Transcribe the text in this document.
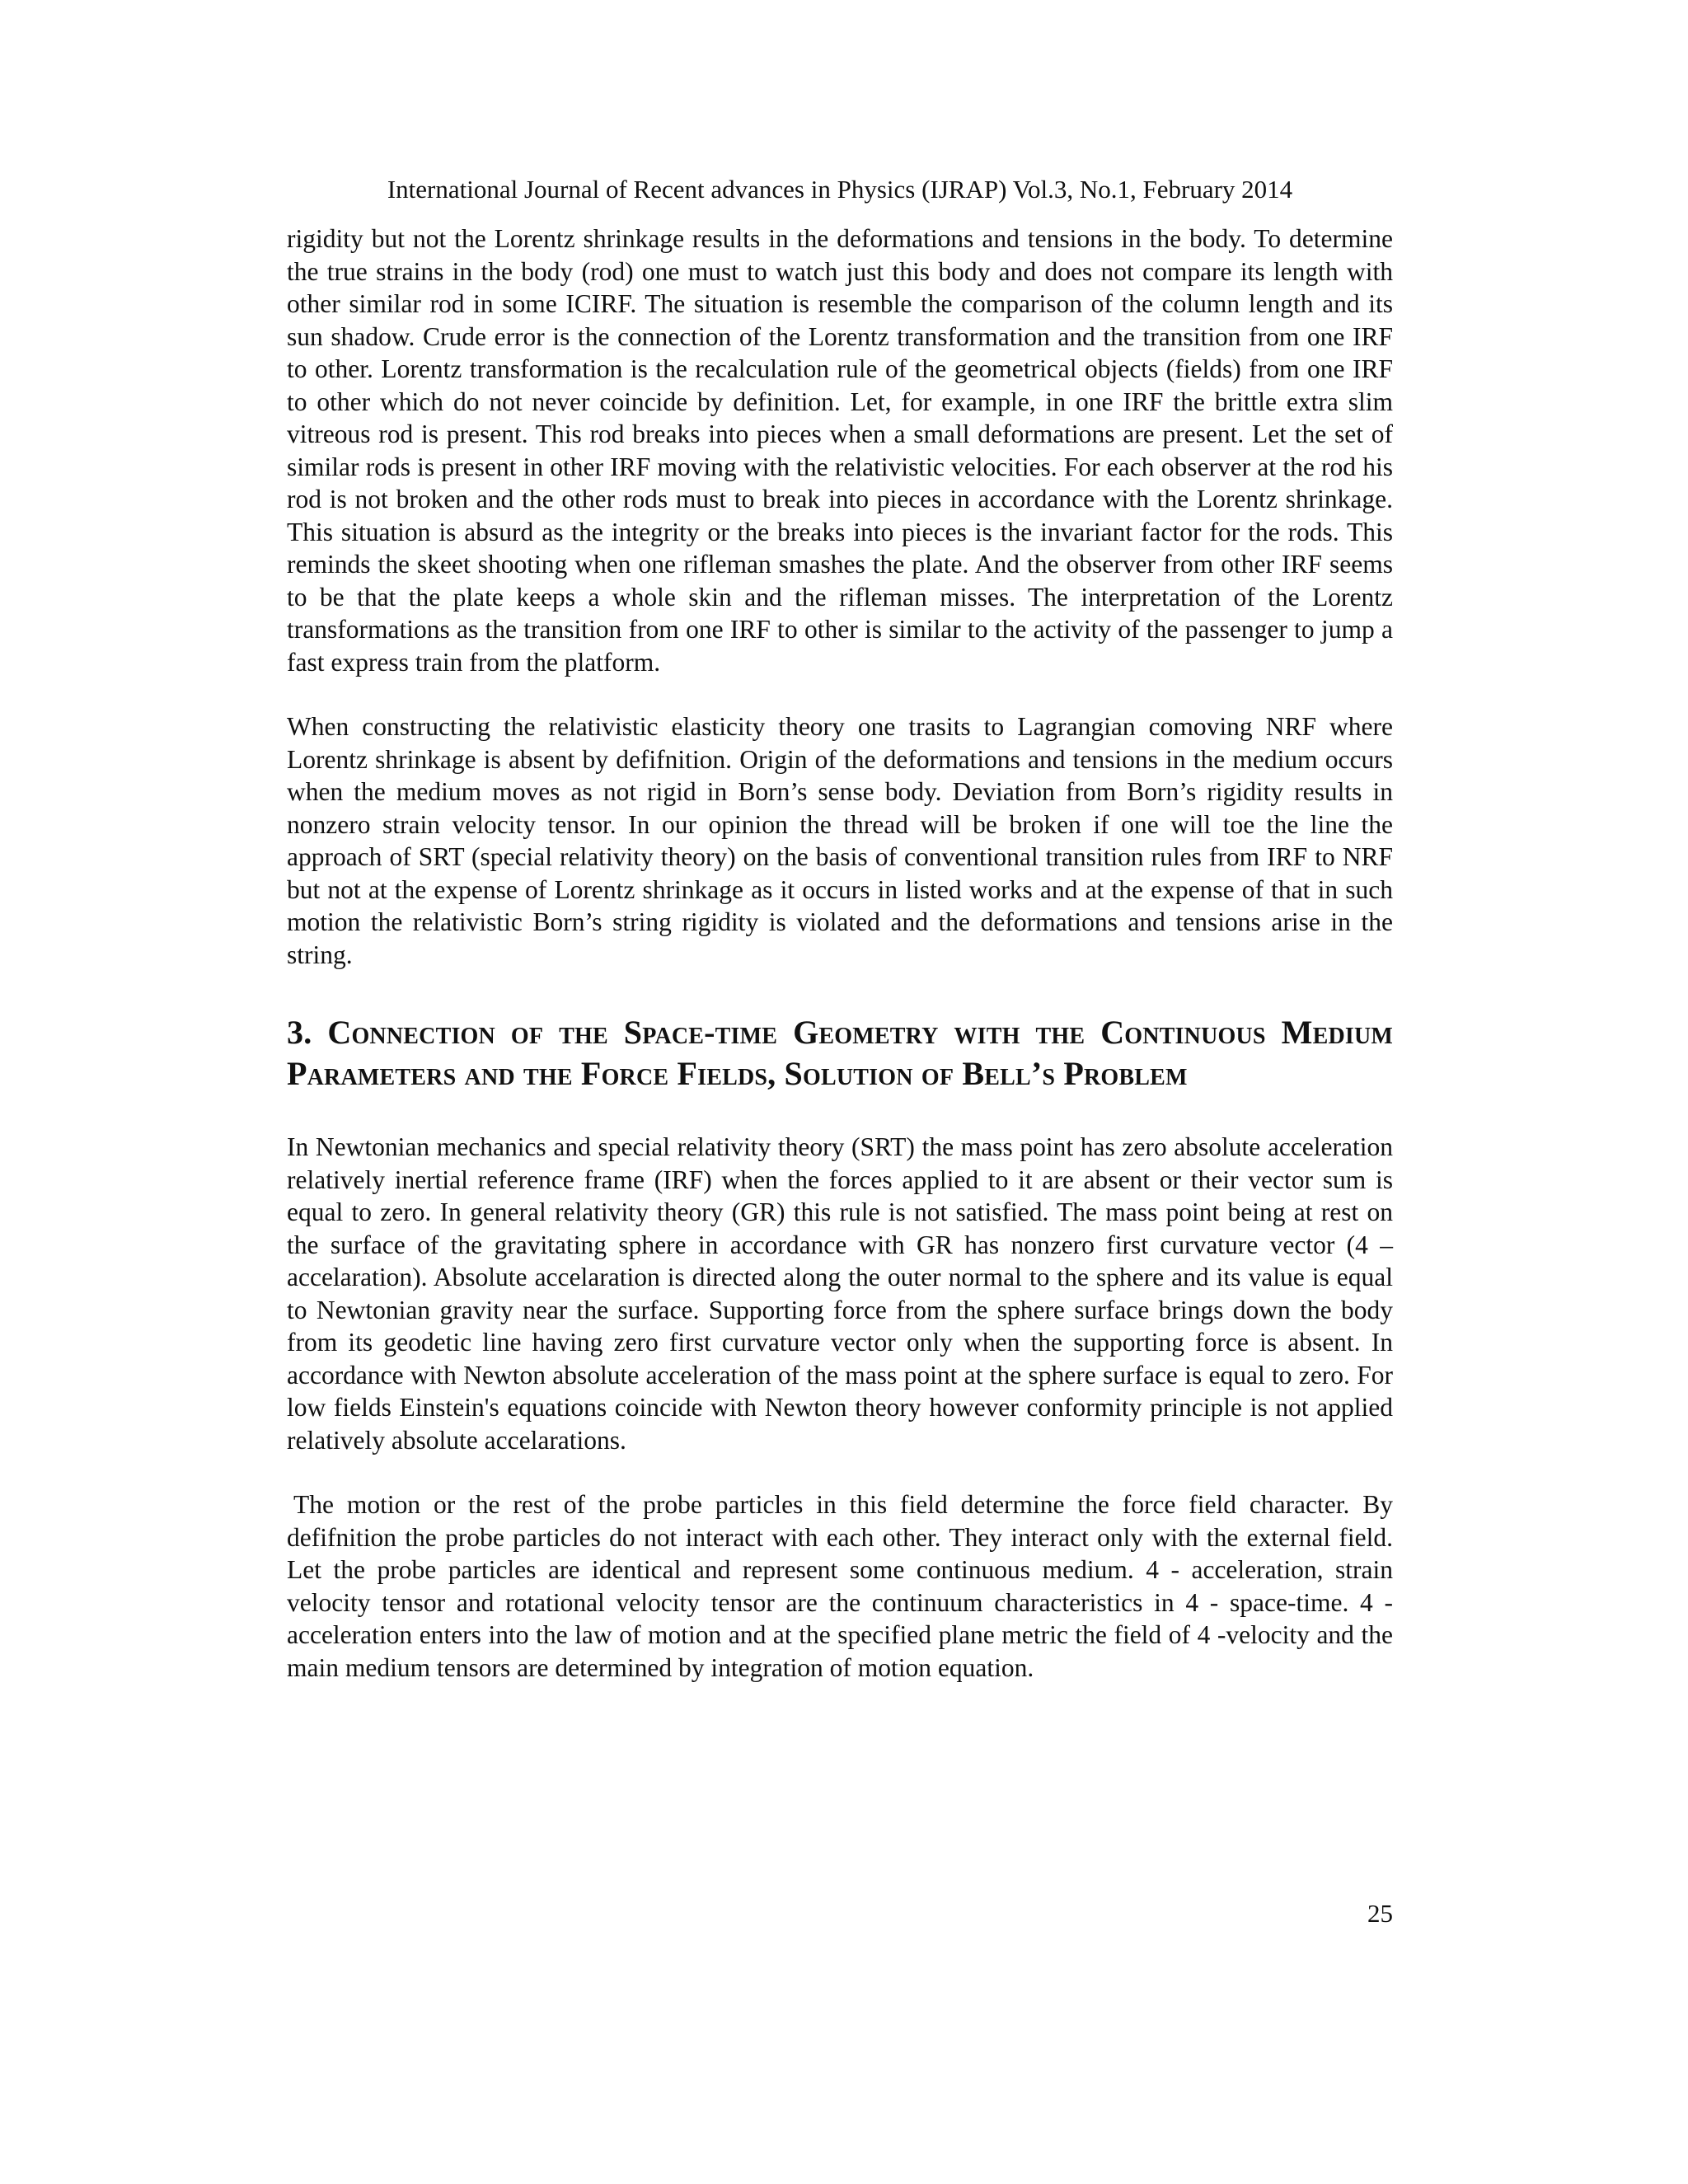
International Journal of Recent advances in Physics (IJRAP) Vol.3, No.1, February 2014

rigidity but not the Lorentz shrinkage results in the deformations and tensions in the body. To determine the true strains in the body (rod) one must to watch just this body and does not compare its length with other similar rod in some ICIRF. The situation is resemble the comparison of the column length and its sun shadow. Crude error is the connection of the Lorentz transformation and the transition from one IRF to other. Lorentz transformation is the recalculation rule of the geometrical objects (fields) from one IRF to other which do not never coincide by definition. Let, for example, in one IRF the brittle extra slim vitreous rod is present. This rod breaks into pieces when a small deformations are present. Let the set of similar rods is present in other IRF moving with the relativistic velocities. For each observer at the rod his rod is not broken and the other rods must to break into pieces in accordance with the Lorentz shrinkage. This situation is absurd as the integrity or the breaks into pieces is the invariant factor for the rods. This reminds the skeet shooting when one rifleman smashes the plate. And the observer from other IRF seems to be that the plate keeps a whole skin and the rifleman misses. The interpretation of the Lorentz transformations as the transition from one IRF to other is similar to the activity of the passenger to jump a fast express train from the platform.

When constructing the relativistic elasticity theory one trasits to Lagrangian comoving NRF where Lorentz shrinkage is absent by defifnition. Origin of the deformations and tensions in the medium occurs when the medium moves as not rigid in Born’s sense body. Deviation from Born’s rigidity results in nonzero strain velocity tensor. In our opinion the thread will be broken if one will toe the line the approach of SRT (special relativity theory) on the basis of conventional transition rules from IRF to NRF but not at the expense of Lorentz shrinkage as it occurs in listed works and at the expense of that in such motion the relativistic Born’s string rigidity is violated and the deformations and tensions arise in the string.

3. Connection of the Space-time Geometry with the Continuous Medium Parameters and the Force Fields, Solution of Bell’s Problem

In Newtonian mechanics and special relativity theory (SRT) the mass point has zero absolute acceleration relatively inertial reference frame (IRF) when the forces applied to it are absent or their vector sum is equal to zero. In general relativity theory (GR) this rule is not satisfied. The mass point being at rest on the surface of the gravitating sphere in accordance with GR has nonzero first curvature vector (4 – accelaration). Absolute accelaration is directed along the outer normal to the sphere and its value is equal to Newtonian gravity near the surface. Supporting force from the sphere surface brings down the body from its geodetic line having zero first curvature vector only when the supporting force is absent. In accordance with Newton absolute acceleration of the mass point at the sphere surface is equal to zero. For low fields Einstein's equations coincide with Newton theory however conformity principle is not applied relatively absolute accelarations.

The motion or the rest of the probe particles in this field determine the force field character. By defifnition the probe particles do not interact with each other. They interact only with the external field. Let the probe particles are identical and represent some continuous medium. 4 - acceleration, strain velocity tensor and rotational velocity tensor are the continuum characteristics in 4 - space-time. 4 - acceleration enters into the law of motion and at the specified plane metric the field of 4 -velocity and the main medium tensors are determined by integration of motion equation.

25
